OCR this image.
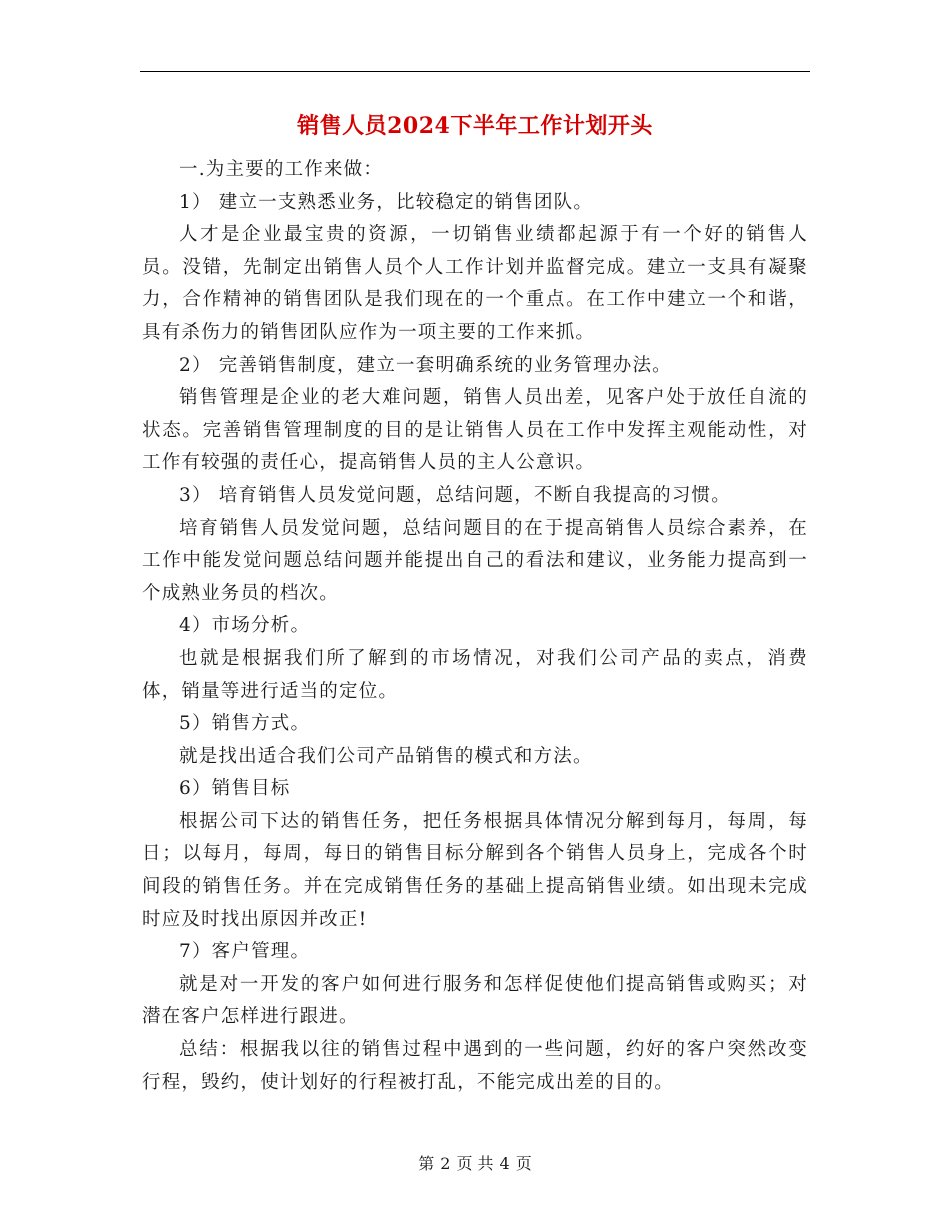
销售人员2024下半年工作计划开头

一.为主要的工作来做：

1） 建立一支熟悉业务，比较稳定的销售团队。

人才是企业最宝贵的资源，一切销售业绩都起源于有一个好的销售人员。没错，先制定出销售人员个人工作计划并监督完成。建立一支具有凝聚力，合作精神的销售团队是我们现在的一个重点。在工作中建立一个和谐，具有杀伤力的销售团队应作为一项主要的工作来抓。

2） 完善销售制度，建立一套明确系统的业务管理办法。

销售管理是企业的老大难问题，销售人员出差，见客户处于放任自流的状态。完善销售管理制度的目的是让销售人员在工作中发挥主观能动性，对工作有较强的责任心，提高销售人员的主人公意识。

3） 培育销售人员发觉问题，总结问题，不断自我提高的习惯。

培育销售人员发觉问题，总结问题目的在于提高销售人员综合素养，在工作中能发觉问题总结问题并能提出自己的看法和建议，业务能力提高到一个成熟业务员的档次。

4）市场分析。

也就是根据我们所了解到的市场情况，对我们公司产品的卖点，消费体，销量等进行适当的定位。

5）销售方式。

就是找出适合我们公司产品销售的模式和方法。

6）销售目标

根据公司下达的销售任务，把任务根据具体情况分解到每月，每周，每日；以每月，每周，每日的销售目标分解到各个销售人员身上，完成各个时间段的销售任务。并在完成销售任务的基础上提高销售业绩。如出现未完成时应及时找出原因并改正!

7）客户管理。

就是对一开发的客户如何进行服务和怎样促使他们提高销售或购买；对潜在客户怎样进行跟进。

总结：根据我以往的销售过程中遇到的一些问题，约好的客户突然改变行程，毁约，使计划好的行程被打乱，不能完成出差的目的。

第 2 页 共 4 页
